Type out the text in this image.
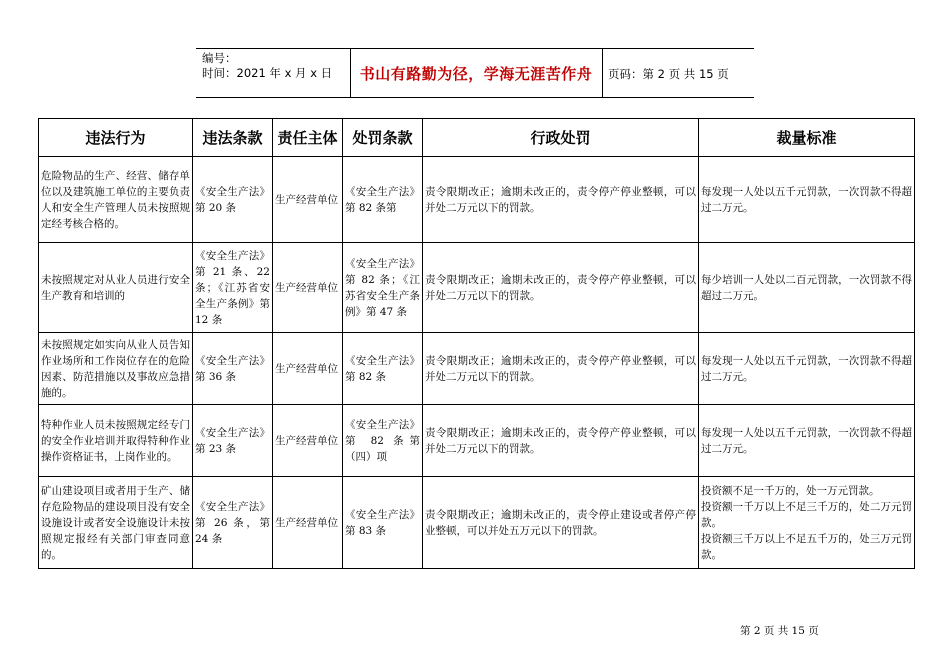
编号：
时间：2021 年 x 月 x 日	书山有路勤为径，学海无涯苦作舟	页码：第 2 页 共 15 页
违法行为	违法条款	责任主体	处罚条款	行政处罚	裁量标准
危险物品的生产、经营、储存单位以及建筑施工单位的主要负责人和安全生产管理人员未按照规定经考核合格的。	《安全生产法》第 20 条	生产经营单位	《安全生产法》第 82 条第	责令限期改正；逾期未改正的，责令停产停业整顿，可以并处二万元以下的罚款。	每发现一人处以五千元罚款，一次罚款不得超过二万元。

未按照规定对从业人员进行安全生产教育和培训的	《安全生产法》第 21 条、22 条；《江苏省安全生产条例》第 12 条	生产经营单位	《安全生产法》第 82 条；《江苏省安全生产条例》第 47 条	责令限期改正；逾期未改正的，责令停产停业整顿，可以并处二万元以下的罚款。	每少培训一人处以二百元罚款，一次罚款不得超过二万元。

未按照规定如实向从业人员告知作业场所和工作岗位存在的危险因素、防范措施以及事故应急措施的。	《安全生产法》第 36 条	生产经营单位	《安全生产法》第 82 条	责令限期改正；逾期未改正的，责令停产停业整顿，可以并处二万元以下的罚款。	每发现一人处以五千元罚款，一次罚款不得超过二万元。

特种作业人员未按照规定经专门的安全作业培训并取得特种作业操作资格证书，上岗作业的。	《安全生产法》第 23 条	生产经营单位	《安全生产法》第 82 条第（四）项	责令限期改正；逾期未改正的，责令停产停业整顿，可以并处二万元以下的罚款。	每发现一人处以五千元罚款，一次罚款不得超过二万元。

矿山建设项目或者用于生产、储存危险物品的建设项目没有安全设施设计或者安全设施设计未按照规定报经有关部门审查同意的。	《安全生产法》第 26 条，第 24 条	生产经营单位	《安全生产法》第 83 条	责令限期改正；逾期未改正的，责令停止建设或者停产停业整顿，可以并处五万元以下的罚款。	投资额不足一千万的，处一万元罚款。
投资额一千万以上不足三千万的，处二万元罚款。
投资额三千万以上不足五千万的，处三万元罚款。
第 2 页 共 15 页
